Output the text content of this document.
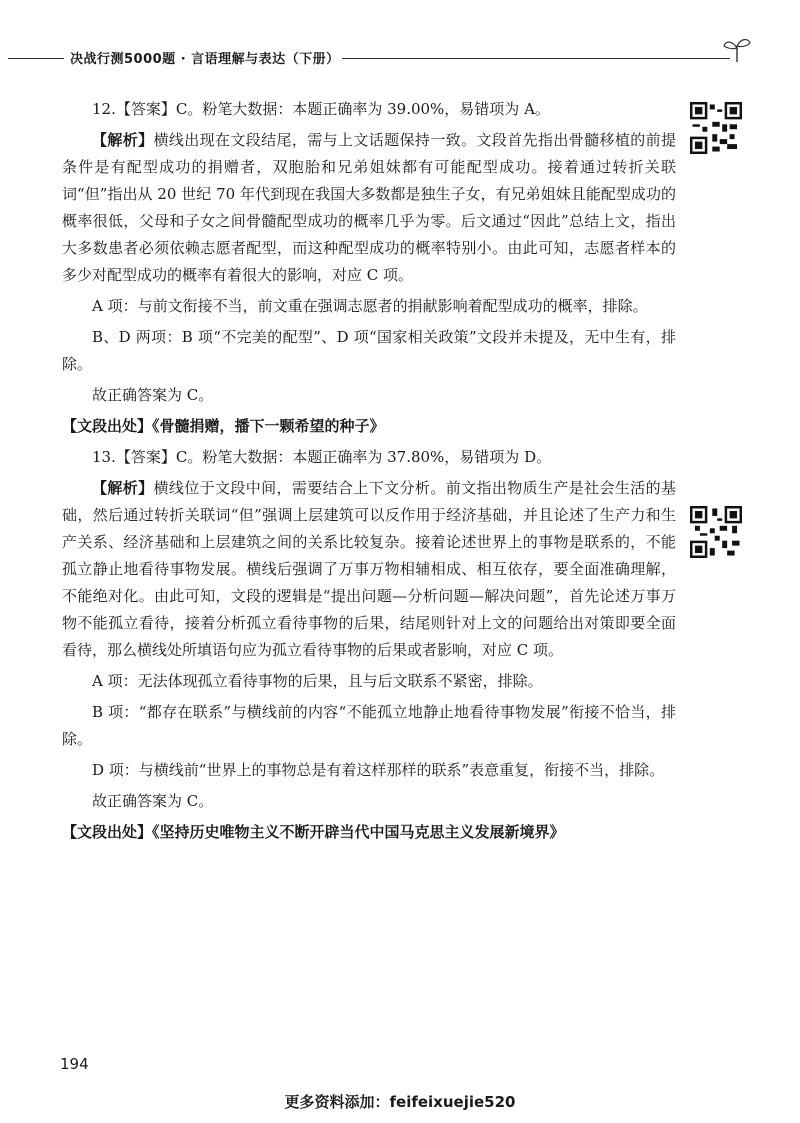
决战行测5000题 · 言语理解与表达（下册）

12.【答案】C。粉笔大数据：本题正确率为 39.00%，易错项为 A。

【解析】横线出现在文段结尾，需与上文话题保持一致。文段首先指出骨髓移植的前提条件是有配型成功的捐赠者，双胞胎和兄弟姐妹都有可能配型成功。接着通过转折关联词“但”指出从 20 世纪 70 年代到现在我国大多数都是独生子女，有兄弟姐妹且能配型成功的概率很低，父母和子女之间骨髓配型成功的概率几乎为零。后文通过“因此”总结上文，指出大多数患者必须依赖志愿者配型，而这种配型成功的概率特别小。由此可知，志愿者样本的多少对配型成功的概率有着很大的影响，对应 C 项。

A 项：与前文衔接不当，前文重在强调志愿者的捐献影响着配型成功的概率，排除。

B、D 两项：B 项“不完美的配型”、D 项“国家相关政策”文段并未提及，无中生有，排除。

故正确答案为 C。

【文段出处】《骨髓捐赠，播下一颗希望的种子》

13.【答案】C。粉笔大数据：本题正确率为 37.80%，易错项为 D。

【解析】横线位于文段中间，需要结合上下文分析。前文指出物质生产是社会生活的基础，然后通过转折关联词“但”强调上层建筑可以反作用于经济基础，并且论述了生产力和生产关系、经济基础和上层建筑之间的关系比较复杂。接着论述世界上的事物是联系的，不能孤立静止地看待事物发展。横线后强调了万事万物相辅相成、相互依存，要全面准确理解，不能绝对化。由此可知，文段的逻辑是“提出问题—分析问题—解决问题”，首先论述万事万物不能孤立看待，接着分析孤立看待事物的后果，结尾则针对上文的问题给出对策即要全面看待，那么横线处所填语句应为孤立看待事物的后果或者影响，对应 C 项。

A 项：无法体现孤立看待事物的后果，且与后文联系不紧密，排除。

B 项：“都存在联系”与横线前的内容“不能孤立地静止地看待事物发展”衔接不恰当，排除。

D 项：与横线前“世界上的事物总是有着这样那样的联系”表意重复，衔接不当，排除。

故正确答案为 C。

【文段出处】《坚持历史唯物主义不断开辟当代中国马克思主义发展新境界》

194
更多资料添加：feifeixuejie520
